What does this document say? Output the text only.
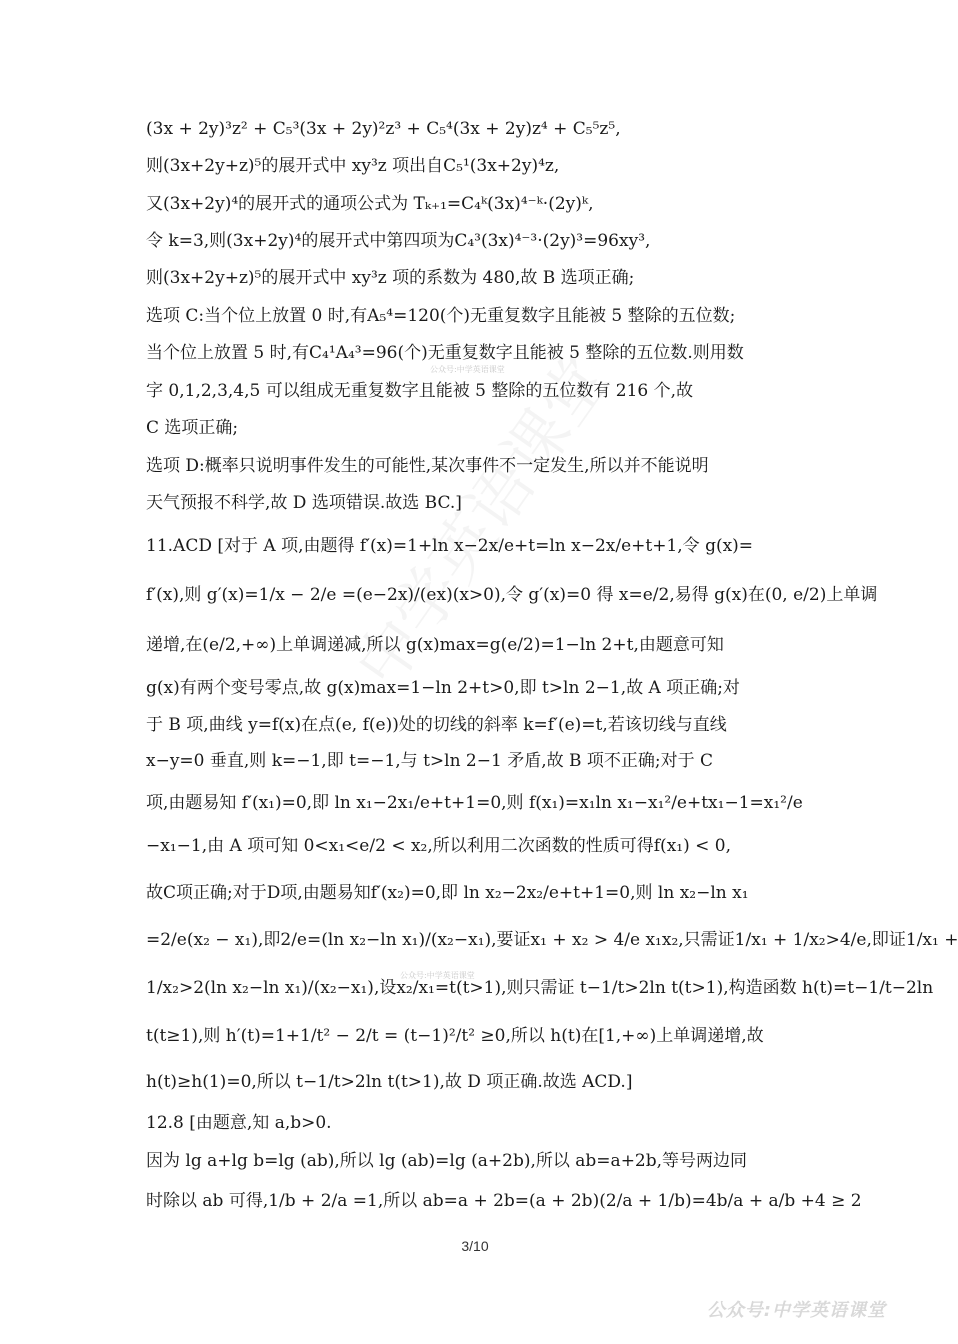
(3x + 2y)³z² + C₅³(3x + 2y)²z³ + C₅⁴(3x + 2y)z⁴ + C₅⁵z⁵,
则(3x+2y+z)⁵的展开式中 xy³z 项出自C₅¹(3x+2y)⁴z,
又(3x+2y)⁴的展开式的通项公式为 Tₖ₊₁=C₄ᵏ(3x)⁴⁻ᵏ·(2y)ᵏ,
令 k=3,则(3x+2y)⁴的展开式中第四项为C₄³(3x)⁴⁻³·(2y)³=96xy³,
则(3x+2y+z)⁵的展开式中 xy³z 项的系数为 480,故 B 选项正确;
选项 C:当个位上放置 0 时,有A₅⁴=120(个)无重复数字且能被 5 整除的五位数;
当个位上放置 5 时,有C₄¹A₄³=96(个)无重复数字且能被 5 整除的五位数.则用数
字 0,1,2,3,4,5 可以组成无重复数字且能被 5 整除的五位数有 216 个,故
C 选项正确;
选项 D:概率只说明事件发生的可能性,某次事件不一定发生,所以并不能说明
天气预报不科学,故 D 选项错误.故选 BC.]
11.ACD [对于 A 项,由题得 f′(x)=1+ln x−2x/e+t=ln x−2x/e+t+1,令 g(x)=
f′(x),则 g′(x)=1/x − 2/e =(e−2x)/(ex)(x>0),令 g′(x)=0 得 x=e/2,易得 g(x)在(0, e/2)上单调
递增,在(e/2,+∞)上单调递减,所以 g(x)max=g(e/2)=1−ln 2+t,由题意可知
g(x)有两个变号零点,故 g(x)max=1−ln 2+t>0,即 t>ln 2−1,故 A 项正确;对
于 B 项,曲线 y=f(x)在点(e, f(e))处的切线的斜率 k=f′(e)=t,若该切线与直线
x−y=0 垂直,则 k=−1,即 t=−1,与 t>ln 2−1 矛盾,故 B 项不正确;对于 C
项,由题易知 f′(x₁)=0,即 ln x₁−2x₁/e+t+1=0,则 f(x₁)=x₁ln x₁−x₁²/e+tx₁−1=x₁²/e
−x₁−1,由 A 项可知 0<x₁<e/2 < x₂,所以利用二次函数的性质可得f(x₁) < 0,
故C项正确;对于D项,由题易知f′(x₂)=0,即 ln x₂−2x₂/e+t+1=0,则 ln x₂−ln x₁
=2/e(x₂ − x₁),即2/e=(ln x₂−ln x₁)/(x₂−x₁),要证x₁ + x₂ > 4/e x₁x₂,只需证1/x₁ + 1/x₂>4/e,即证1/x₁ +
1/x₂>2(ln x₂−ln x₁)/(x₂−x₁),设x₂/x₁=t(t>1),则只需证 t−1/t>2ln t(t>1),构造函数 h(t)=t−1/t−2ln
t(t≥1),则 h′(t)=1+1/t² − 2/t = (t−1)²/t² ≥0,所以 h(t)在[1,+∞)上单调递增,故
h(t)≥h(1)=0,所以 t−1/t>2ln t(t>1),故 D 项正确.故选 ACD.]
12.8 [由题意,知 a,b>0.
因为 lg a+lg b=lg (ab),所以 lg (ab)=lg (a+2b),所以 ab=a+2b,等号两边同
时除以 ab 可得,1/b + 2/a =1,所以 ab=a + 2b=(a + 2b)(2/a + 1/b)=4b/a + a/b +4 ≥ 2
公众号:中学英语课堂
公众号:中学英语课堂
3/10
公众号:中学英语课堂
